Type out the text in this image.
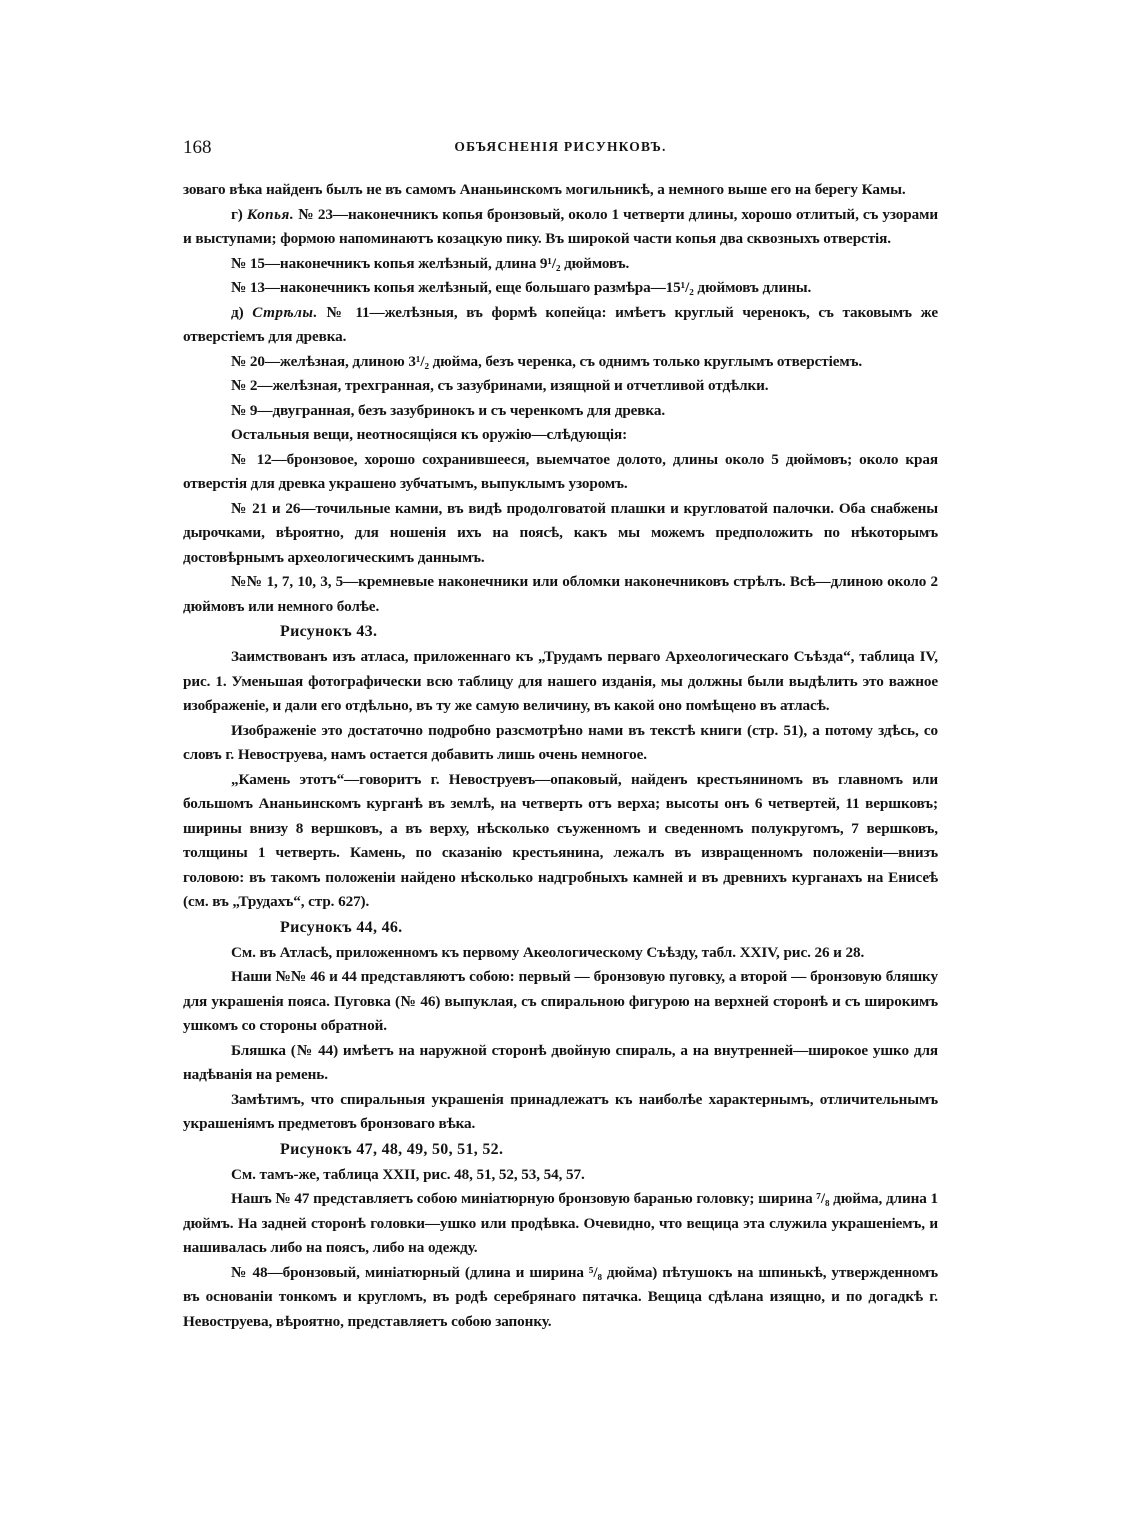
168	ОБЪЯСНЕНІЯ РИСУНКОВЪ.

зоваго вѣка найденъ былъ не въ самомъ Ананьинскомъ могильникѣ, а немного выше его на берегу Камы.

г) Копья. № 23—наконечникъ копья бронзовый, около 1 четверти длины, хорошо отлитый, съ узорами и выступами; формою напоминаютъ козацкую пику. Въ широкой части копья два сквозныхъ отверстія.

№ 15—наконечникъ копья желѣзный, длина 9¹/₂ дюймовъ.

№ 13—наконечникъ копья желѣзный, еще большаго размѣра—15¹/₂ дюймовъ длины.

д) Стрѣлы. № 11—желѣзныя, въ формѣ копейца: имѣетъ круглый черенокъ, съ таковымъ же отверстіемъ для древка.

№ 20—желѣзная, длиною 3¹/₂ дюйма, безъ черенка, съ однимъ только круглымъ отверстіемъ.

№ 2—желѣзная, трехгранная, съ зазубринами, изящной и отчетливой отдѣлки.

№ 9—двугранная, безъ зазубринокъ и съ черенкомъ для древка.

Остальныя вещи, неотносящіяся къ оружію—слѣдующія:

№ 12—бронзовое, хорошо сохранившееся, выемчатое долото, длины около 5 дюймовъ; около края отверстія для древка украшено зубчатымъ, выпуклымъ узоромъ.

№ 21 и 26—точильные камни, въ видѣ продолговатой плашки и кругловатой палочки. Оба снабжены дырочками, вѣроятно, для ношенія ихъ на поясѣ, какъ мы можемъ предположить по нѣкоторымъ достовѣрнымъ археологическимъ даннымъ.

№№ 1, 7, 10, 3, 5—кремневые наконечники или обломки наконечниковъ стрѣлъ. Всѣ—длиною около 2 дюймовъ или немного болѣе.

Рисунокъ 43.

Заимствованъ изъ атласа, приложеннаго къ „Трудамъ перваго Археологическаго Съѣзда“, таблица IV, рис. 1. Уменьшая фотографически всю таблицу для нашего изданія, мы должны были выдѣлить это важное изображеніе, и дали его отдѣльно, въ ту же самую величину, въ какой оно помѣщено въ атласѣ.

Изображеніе это достаточно подробно разсмотрѣно нами въ текстѣ книги (стр. 51), а потому здѣсь, со словъ г. Невоструева, намъ остается добавить лишь очень немногое.

„Камень этотъ“—говоритъ г. Невоструевъ—опаковый, найденъ крестьяниномъ въ главномъ или большомъ Ананьинскомъ курганѣ въ землѣ, на четверть отъ верха; высоты онъ 6 четвертей, 11 вершковъ; ширины внизу 8 вершковъ, а въ верху, нѣсколько съуженномъ и сведенномъ полукругомъ, 7 вершковъ, толщины 1 четверть. Камень, по сказанію крестьянина, лежалъ въ извращенномъ положеніи—внизъ головою: въ такомъ положеніи найдено нѣсколько надгробныхъ камней и въ древнихъ курганахъ на Енисеѣ (см. въ „Трудахъ“, стр. 627).

Рисунокъ 44, 46.

См. въ Атласѣ, приложенномъ къ первому Акеологическому Съѣзду, табл. XXIV, рис. 26 и 28.

Наши №№ 46 и 44 представляютъ собою: первый — бронзовую пуговку, а второй — бронзовую бляшку для украшенія пояса. Пуговка (№ 46) выпуклая, съ спиральною фигурою на верхней сторонѣ и съ широкимъ ушкомъ со стороны обратной.

Бляшка (№ 44) имѣетъ на наружной сторонѣ двойную спираль, а на внутренней—широкое ушко для надѣванія на ремень.

Замѣтимъ, что спиральныя украшенія принадлежатъ къ наиболѣе характернымъ, отличительнымъ украшеніямъ предметовъ бронзоваго вѣка.

Рисунокъ 47, 48, 49, 50, 51, 52.

См. тамъ-же, таблица XXII, рис. 48, 51, 52, 53, 54, 57.

Нашъ № 47 представляетъ собою миніатюрную бронзовую баранью головку; ширина ⁷/₈ дюйма, длина 1 дюймъ. На задней сторонѣ головки—ушко или продѣвка. Очевидно, что вещица эта служила украшеніемъ, и нашивалась либо на поясъ, либо на одежду.

№ 48—бронзовый, миніатюрный (длина и ширина ⁵/₈ дюйма) пѣтушокъ на шпинькѣ, утвержденномъ въ основаніи тонкомъ и кругломъ, въ родѣ серебрянаго пятачка. Вещица сдѣлана изящно, и по догадкѣ г. Невоструева, вѣроятно, представляетъ собою запонку.
